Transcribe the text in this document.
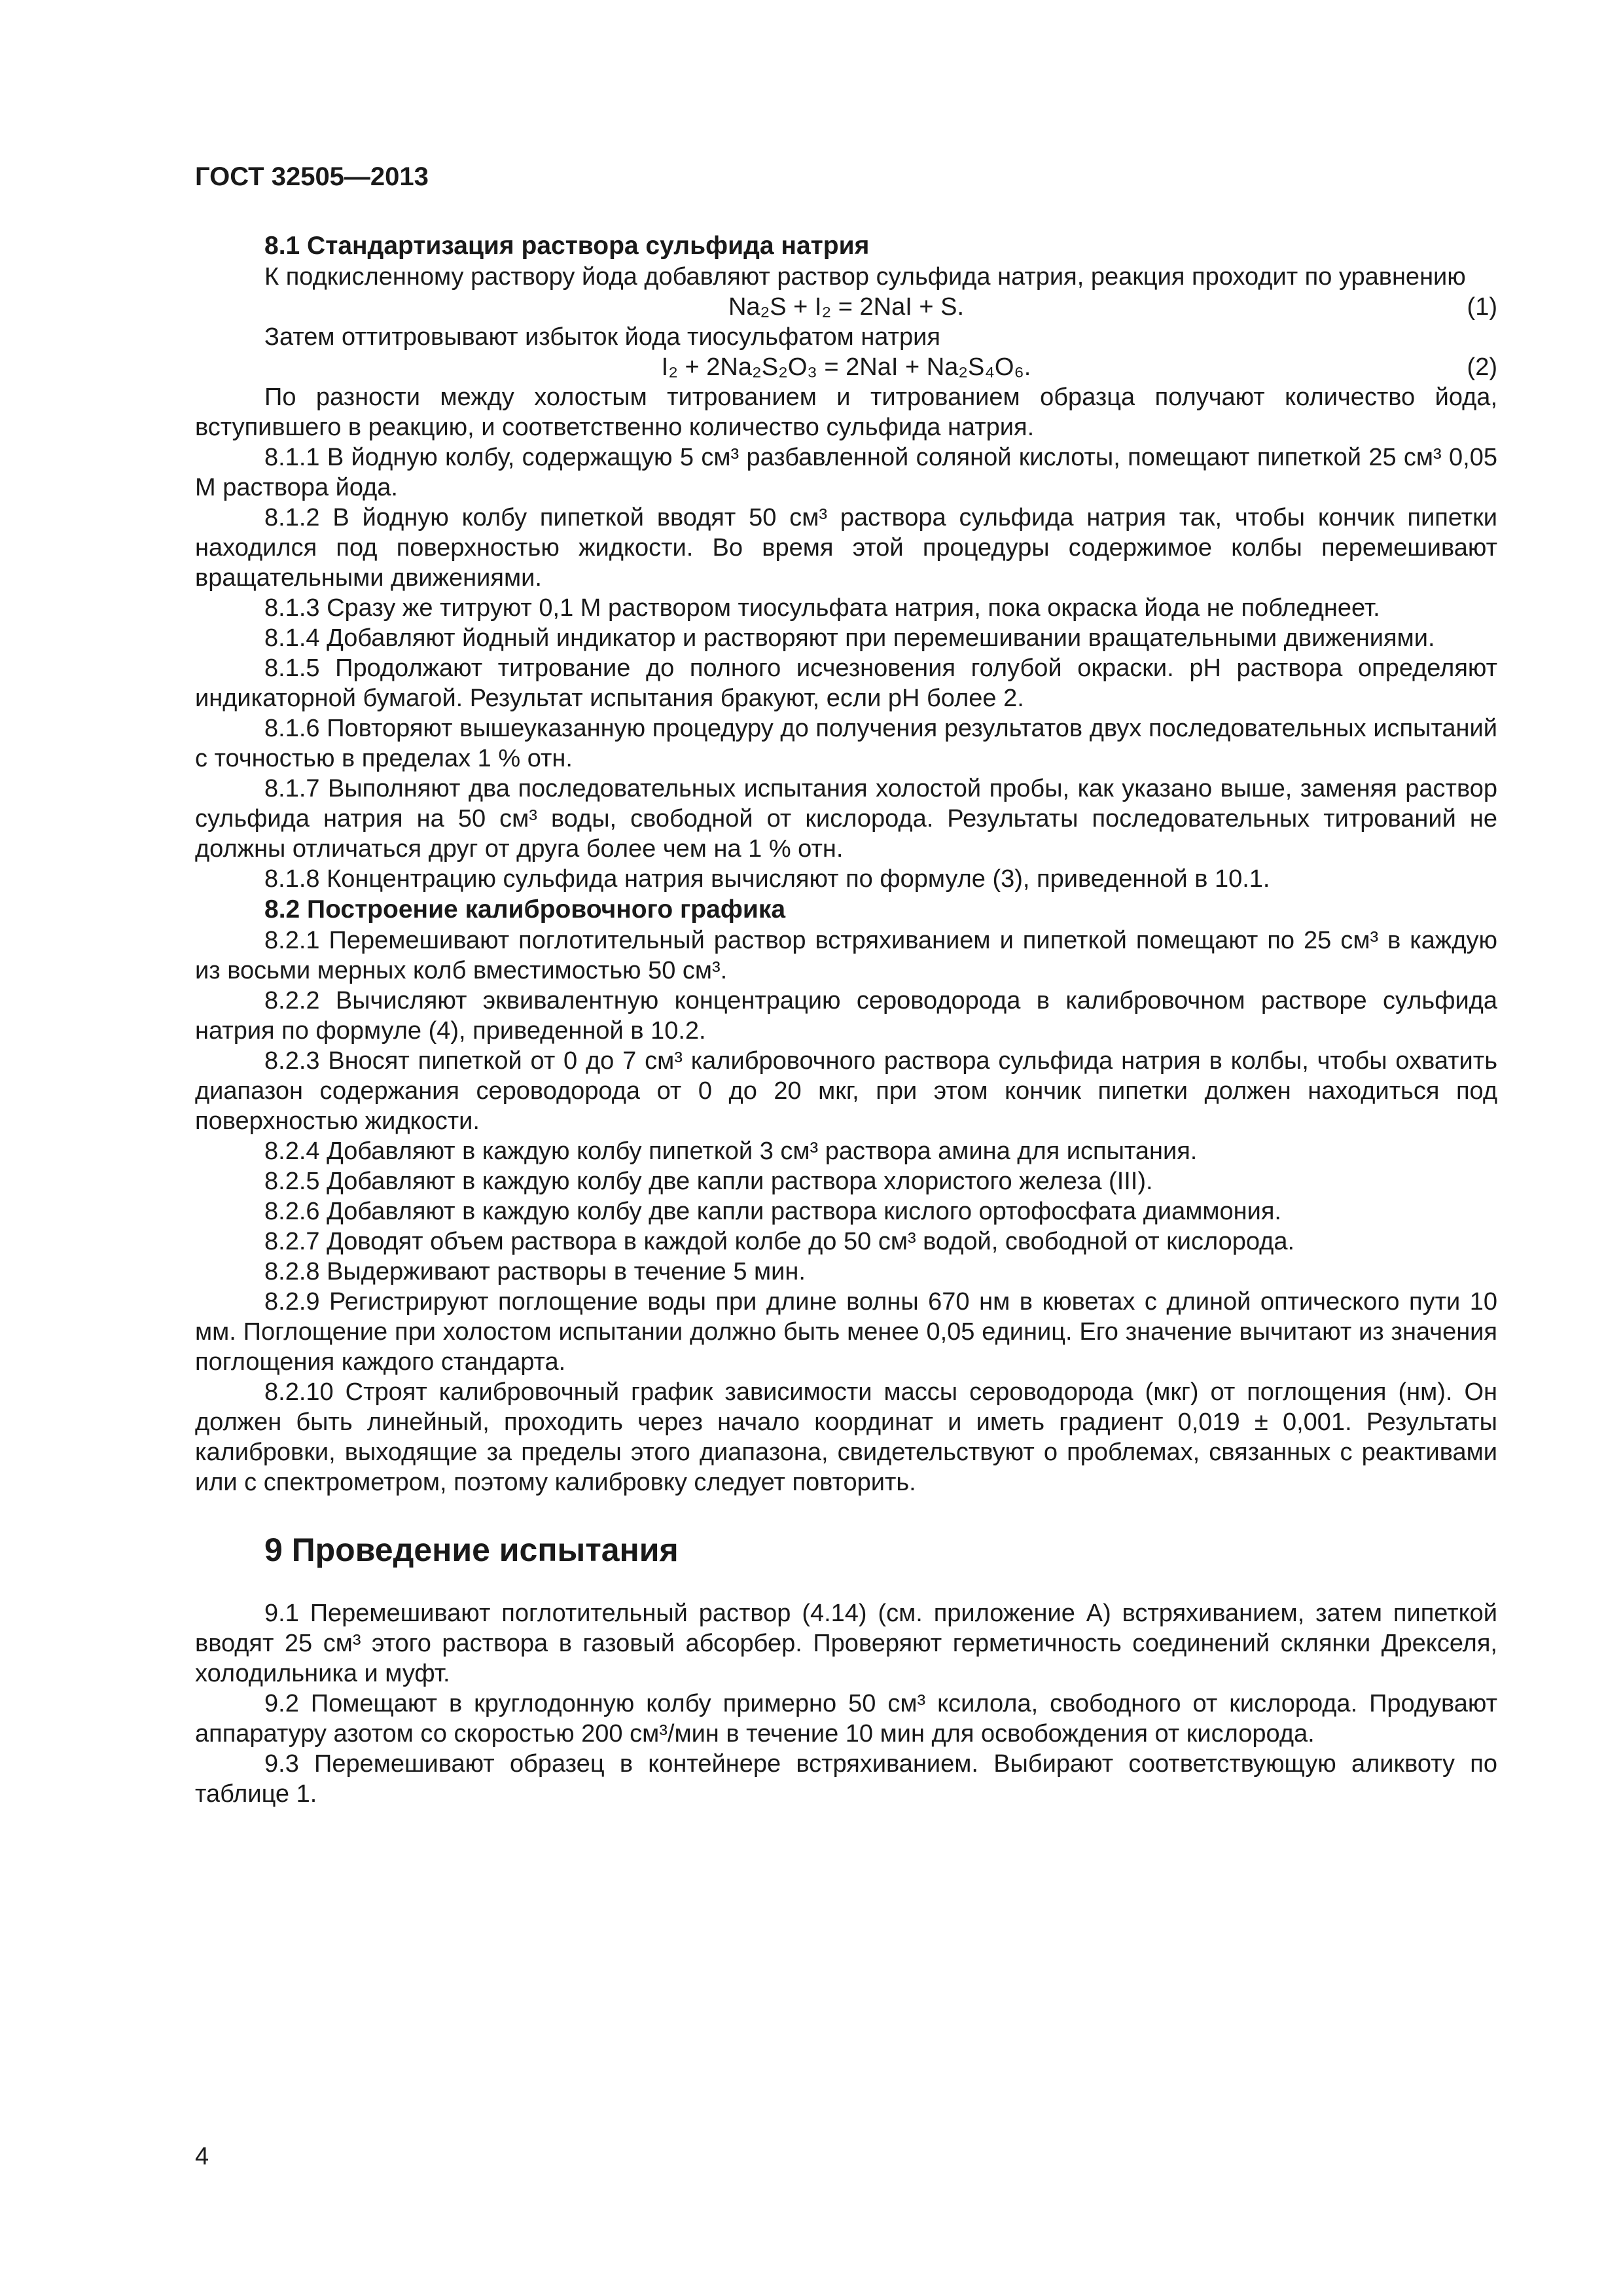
ГОСТ 32505—2013
8.1 Стандартизация раствора сульфида натрия

К подкисленному раствору йода добавляют раствор сульфида натрия, реакция проходит по уравнению

Na₂S + I₂ = 2NaI + S.	(1)

Затем оттитровывают избыток йода тиосульфатом натрия

I₂ + 2Na₂S₂O₃ = 2NaI + Na₂S₄O₆.	(2)

По разности между холостым титрованием и титрованием образца получают количество йода, вступившего в реакцию, и соответственно количество сульфида натрия.

8.1.1 В йодную колбу, содержащую 5 см³ разбавленной соляной кислоты, помещают пипеткой 25 см³ 0,05 М раствора йода.

8.1.2 В йодную колбу пипеткой вводят 50 см³ раствора сульфида натрия так, чтобы кончик пипетки находился под поверхностью жидкости. Во время этой процедуры содержимое колбы перемешивают вращательными движениями.

8.1.3 Сразу же титруют 0,1 М раствором тиосульфата натрия, пока окраска йода не побледнеет.

8.1.4 Добавляют йодный индикатор и растворяют при перемешивании вращательными движениями.

8.1.5 Продолжают титрование до полного исчезновения голубой окраски. рН раствора определяют индикаторной бумагой. Результат испытания бракуют, если рН более 2.

8.1.6 Повторяют вышеуказанную процедуру до получения результатов двух последовательных испытаний с точностью в пределах 1 % отн.

8.1.7 Выполняют два последовательных испытания холостой пробы, как указано выше, заменяя раствор сульфида натрия на 50 см³ воды, свободной от кислорода. Результаты последовательных титрований не должны отличаться друг от друга более чем на 1 % отн.

8.1.8 Концентрацию сульфида натрия вычисляют по формуле (3), приведенной в 10.1.

8.2 Построение калибровочного графика

8.2.1 Перемешивают поглотительный раствор встряхиванием и пипеткой помещают по 25 см³ в каждую из восьми мерных колб вместимостью 50 см³.

8.2.2 Вычисляют эквивалентную концентрацию сероводорода в калибровочном растворе сульфида натрия по формуле (4), приведенной в 10.2.

8.2.3 Вносят пипеткой от 0 до 7 см³ калибровочного раствора сульфида натрия в колбы, чтобы охватить диапазон содержания сероводорода от 0 до 20 мкг, при этом кончик пипетки должен находиться под поверхностью жидкости.

8.2.4 Добавляют в каждую колбу пипеткой 3 см³ раствора амина для испытания.

8.2.5 Добавляют в каждую колбу две капли раствора хлористого железа (III).

8.2.6 Добавляют в каждую колбу две капли раствора кислого ортофосфата диаммония.

8.2.7 Доводят объем раствора в каждой колбе до 50 см³ водой, свободной от кислорода.

8.2.8 Выдерживают растворы в течение 5 мин.

8.2.9 Регистрируют поглощение воды при длине волны 670 нм в кюветах с длиной оптического пути 10 мм. Поглощение при холостом испытании должно быть менее 0,05 единиц. Его значение вычитают из значения поглощения каждого стандарта.

8.2.10 Строят калибровочный график зависимости массы сероводорода (мкг) от поглощения (нм). Он должен быть линейный, проходить через начало координат и иметь градиент 0,019 ± 0,001. Результаты калибровки, выходящие за пределы этого диапазона, свидетельствуют о проблемах, связанных с реактивами или с спектрометром, поэтому калибровку следует повторить.

9 Проведение испытания

9.1 Перемешивают поглотительный раствор (4.14) (см. приложение А) встряхиванием, затем пипеткой вводят 25 см³ этого раствора в газовый абсорбер. Проверяют герметичность соединений склянки Дрекселя, холодильника и муфт.

9.2 Помещают в круглодонную колбу примерно 50 см³ ксилола, свободного от кислорода. Продувают аппаратуру азотом со скоростью 200 см³/мин в течение 10 мин для освобождения от кислорода.

9.3 Перемешивают образец в контейнере встряхиванием. Выбирают соответствующую аликвоту по таблице 1.

4
